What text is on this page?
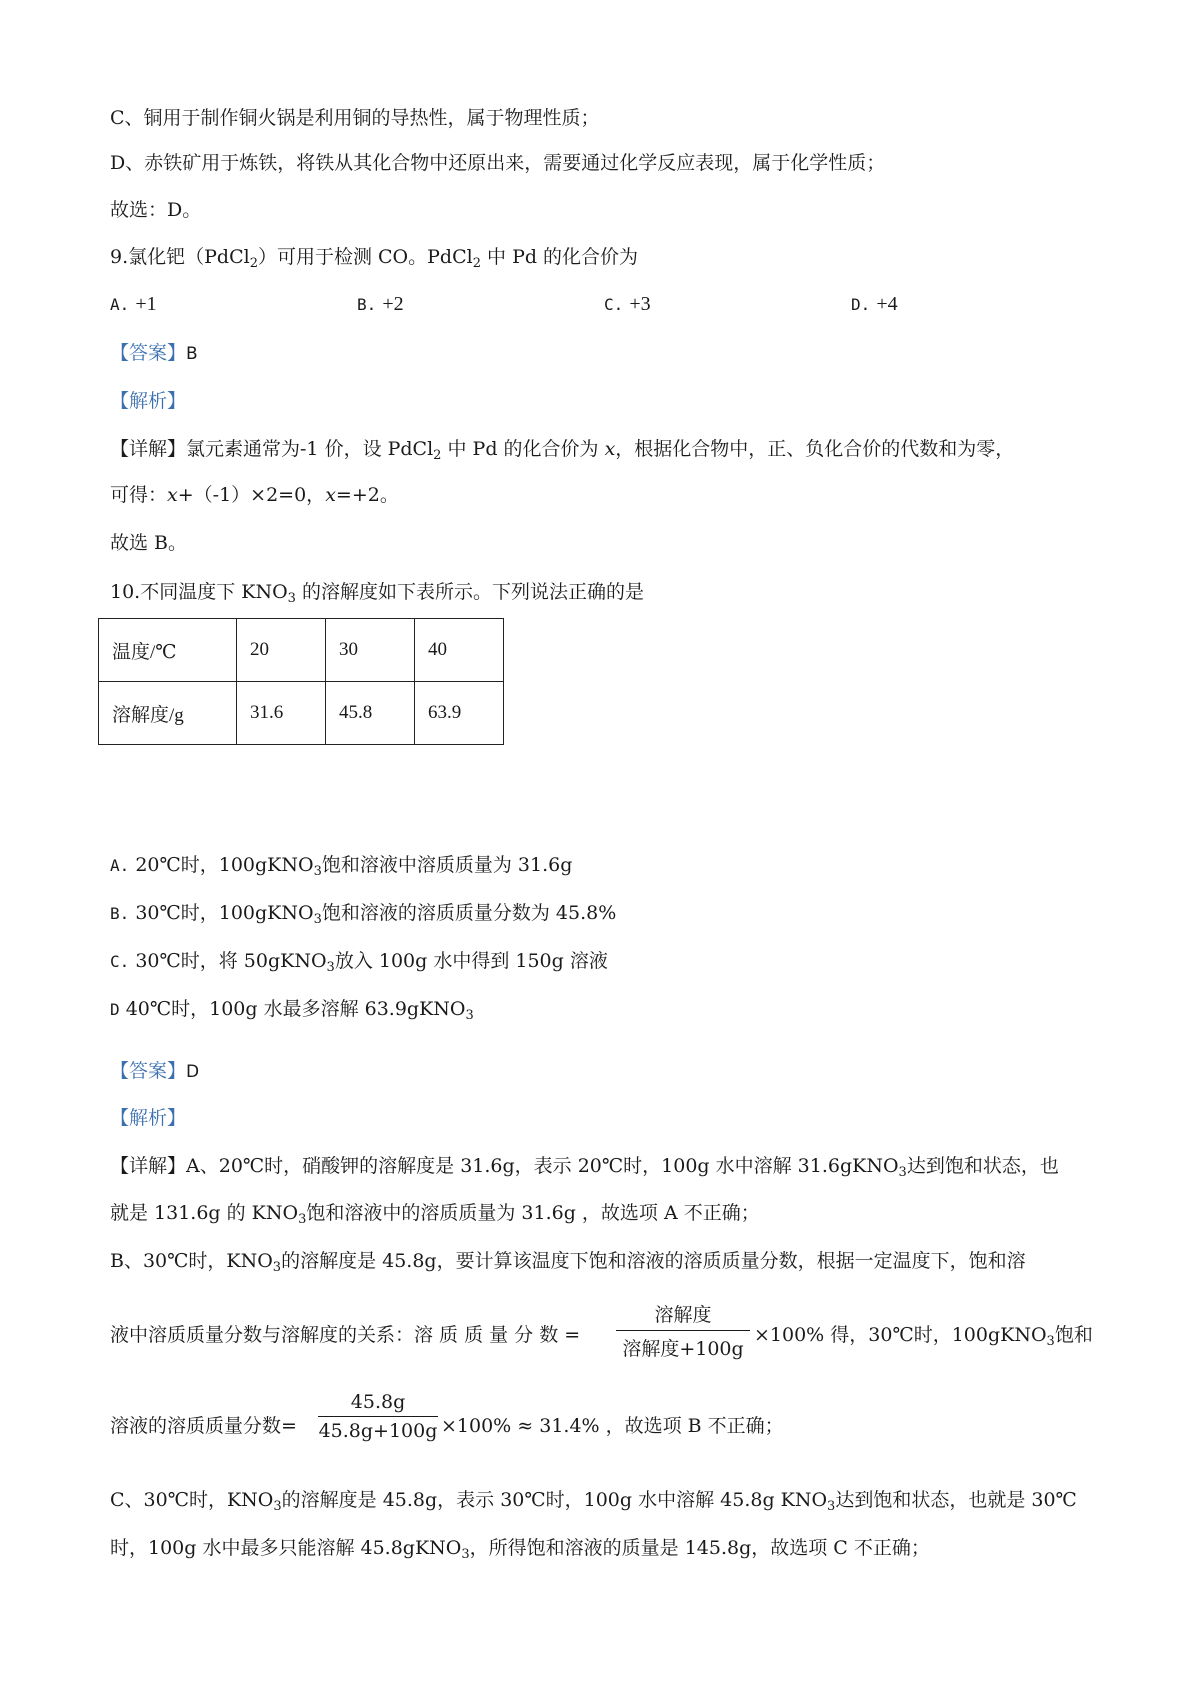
C、铜用于制作铜火锅是利用铜的导热性，属于物理性质；
D、赤铁矿用于炼铁，将铁从其化合物中还原出来，需要通过化学反应表现，属于化学性质；
故选：D。
9.氯化钯（PdCl$_2$）可用于检测 CO。PdCl$_2$ 中 Pd 的化合价为
A. +1	B. +2	C. +3	D. +4
【答案】B
【解析】
【详解】氯元素通常为-1 价，设 PdCl$_2$ 中 Pd 的化合价为 x，根据化合物中，正、负化合价的代数和为零，
可得：x+（-1）×2=0，x=+2。
故选 B。
10.不同温度下 $KNO_3$ 的溶解度如下表所示。下列说法正确的是
温度/℃	20	30	40
溶解度/g	31.6	45.8	63.9
A. 20℃时，100gKNO$_3$饱和溶液中溶质质量为 31.6g
B. 30℃时，100gKNO$_3$饱和溶液的溶质质量分数为 45.8%
C. 30℃时，将 50gKNO$_3$放入 100g 水中得到 150g 溶液
D 40℃时，100g 水最多溶解 63.9gKNO$_3$
【答案】D
【解析】
【详解】A、20℃时，硝酸钾的溶解度是 31.6g，表示 20℃时，100g 水中溶解 31.6gKNO$_3$达到饱和状态，也
就是 131.6g 的 $KNO_3$饱和溶液中的溶质质量为 31.6g ，故选项 A 不正确；
B、30℃时，$KNO_3$的溶解度是 45.8g，要计算该温度下饱和溶液的溶质质量分数，根据一定温度下，饱和溶
液中溶质质量分数与溶解度的关系：溶 质 质 量 分 数 =
溶解度
溶解度+100g
×100% 得，30℃时，100gKNO$_3$饱和
溶液的溶质质量分数=
45.8g
45.8g+100g ×100% ≈ 31.4% ，故选项 B 不正确；
C、30℃时，$KNO_3$的溶解度是 45.8g，表示 30℃时，100g 水中溶解 45.8g $KNO_3$达到饱和状态，也就是 30℃
时，100g 水中最多只能溶解 45.8gKNO$_3$，所得饱和溶液的质量是 145.8g，故选项 C 不正确；
